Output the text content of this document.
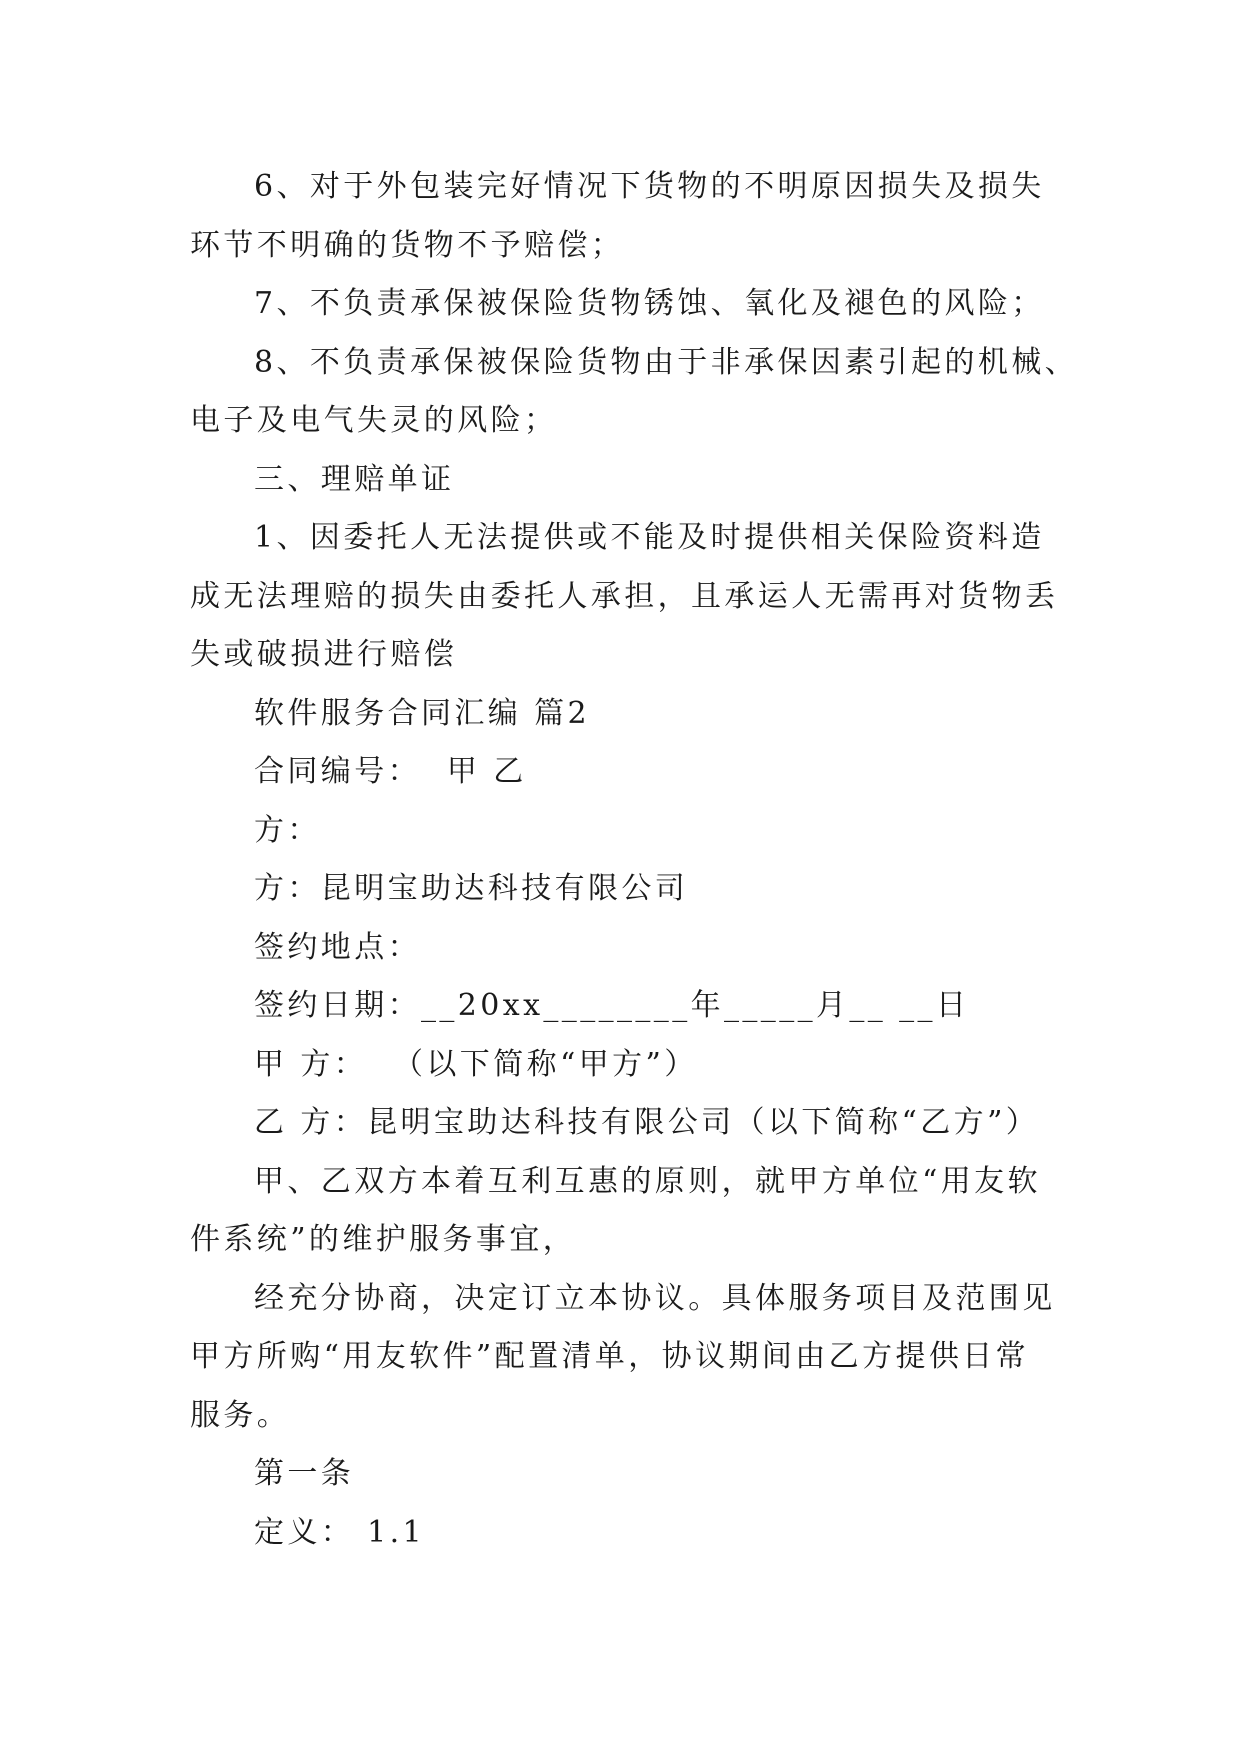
6、对于外包装完好情况下货物的不明原因损失及损失

环节不明确的货物不予赔偿；

7、不负责承保被保险货物锈蚀、氧化及褪色的风险；

8、不负责承保被保险货物由于非承保因素引起的机械、

电子及电气失灵的风险；

三、理赔单证

1、因委托人无法提供或不能及时提供相关保险资料造

成无法理赔的损失由委托人承担，且承运人无需再对货物丢

失或破损进行赔偿

软件服务合同汇编 篇2

合同编号：  甲 乙

方：

方：昆明宝助达科技有限公司

签约地点：

签约日期：__20xx________年_____月__ __日

甲 方：  （以下简称“甲方”）

乙 方：昆明宝助达科技有限公司（以下简称“乙方”）

甲、乙双方本着互利互惠的原则，就甲方单位“用友软

件系统”的维护服务事宜，

经充分协商，决定订立本协议。具体服务项目及范围见

甲方所购“用友软件”配置清单，协议期间由乙方提供日常

服务。

第一条

定义： 1.1
